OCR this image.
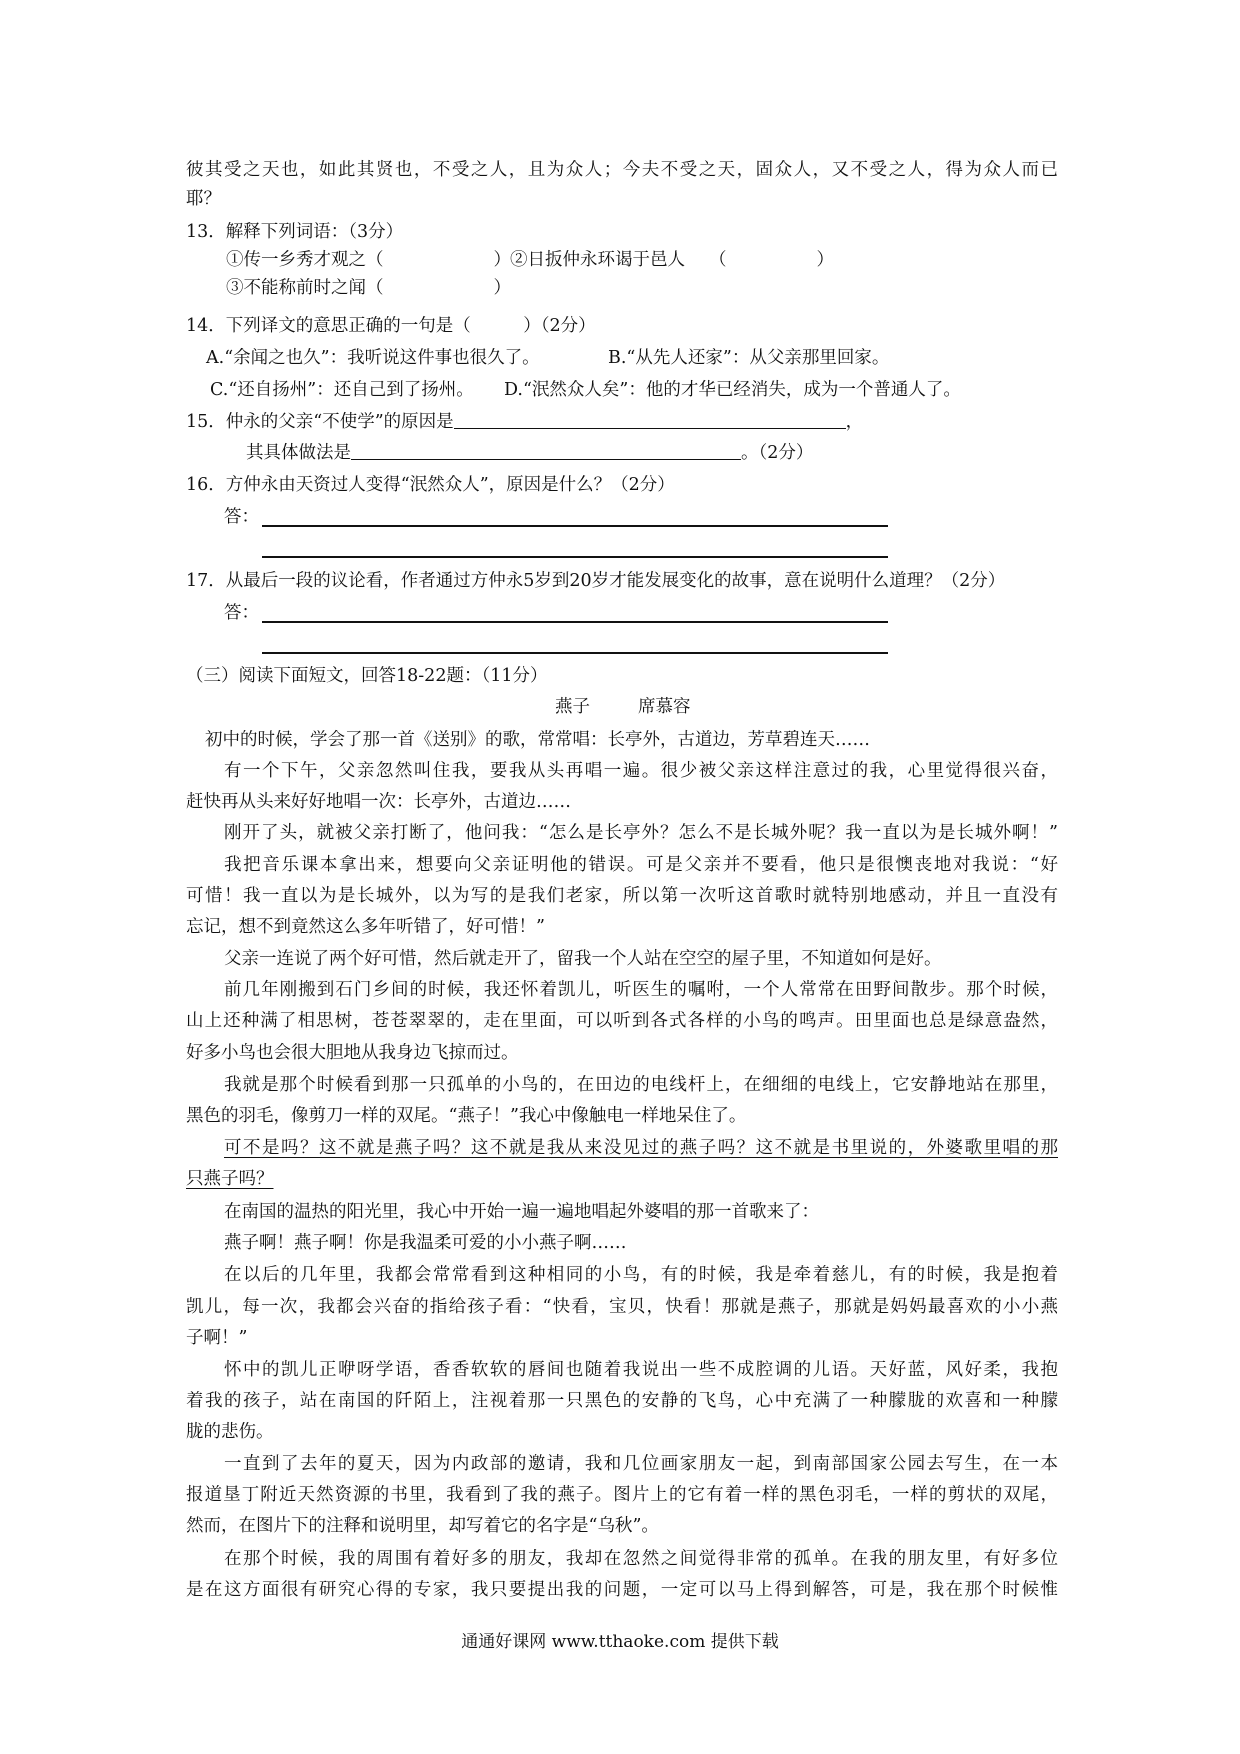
彼其受之天也，如此其贤也，不受之人，且为众人；今夫不受之天，固众人，又不受之人，得为众人而已
耶？
13．解释下列词语：（3分）
①传一乡秀才观之（	） ②日扳仲永环谒于邑人 （	）
③不能称前时之闻（	）
14．下列译文的意思正确的一句是（　　　）（2分）
A.“余闻之也久”：我听说这件事也很久了。	B.“从先人还家”：从父亲那里回家。
C.“还自扬州”：还自己到了扬州。 D.“泯然众人矣”：他的才华已经消失，成为一个普通人了。
15．仲永的父亲“不使学”的原因是	，
其具体做法是	。（2分）
16．方仲永由天资过人变得“泯然众人”，原因是什么？（2分）
答：
17．从最后一段的议论看，作者通过方仲永5岁到20岁才能发展变化的故事，意在说明什么道理？（2分）
答：
（三）阅读下面短文，回答18-22题：（11分）
燕子	席慕容
初中的时候，学会了那一首《送别》的歌，常常唱：长亭外，古道边，芳草碧连天……
有一个下午，父亲忽然叫住我，要我从头再唱一遍。很少被父亲这样注意过的我，心里觉得很兴奋，
赶快再从头来好好地唱一次：长亭外，古道边……
刚开了头，就被父亲打断了，他问我：“怎么是长亭外？怎么不是长城外呢？我一直以为是长城外啊！”
我把音乐课本拿出来，想要向父亲证明他的错误。可是父亲并不要看，他只是很懊丧地对我说：“好
可惜！我一直以为是长城外，以为写的是我们老家，所以第一次听这首歌时就特别地感动，并且一直没有
忘记，想不到竟然这么多年听错了，好可惜！”
父亲一连说了两个好可惜，然后就走开了，留我一个人站在空空的屋子里，不知道如何是好。
前几年刚搬到石门乡间的时候，我还怀着凯儿，听医生的嘱咐，一个人常常在田野间散步。那个时候，
山上还种满了相思树，苍苍翠翠的，走在里面，可以听到各式各样的小鸟的鸣声。田里面也总是绿意盎然，
好多小鸟也会很大胆地从我身边飞掠而过。
我就是那个时候看到那一只孤单的小鸟的，在田边的电线杆上，在细细的电线上，它安静地站在那里，
黑色的羽毛，像剪刀一样的双尾。“燕子！”我心中像触电一样地呆住了。
可不是吗？这不就是燕子吗？这不就是我从来没见过的燕子吗？这不就是书里说的，外婆歌里唱的那
只燕子吗？
在南国的温热的阳光里，我心中开始一遍一遍地唱起外婆唱的那一首歌来了：
燕子啊！燕子啊！你是我温柔可爱的小小燕子啊……
在以后的几年里，我都会常常看到这种相同的小鸟，有的时候，我是牵着慈儿，有的时候，我是抱着
凯儿，每一次，我都会兴奋的指给孩子看：“快看，宝贝，快看！那就是燕子，那就是妈妈最喜欢的小小燕
子啊！”
怀中的凯儿正咿呀学语，香香软软的唇间也随着我说出一些不成腔调的儿语。天好蓝，风好柔，我抱
着我的孩子，站在南国的阡陌上，注视着那一只黑色的安静的飞鸟，心中充满了一种朦胧的欢喜和一种朦
胧的悲伤。
一直到了去年的夏天，因为内政部的邀请，我和几位画家朋友一起，到南部国家公园去写生，在一本
报道垦丁附近天然资源的书里，我看到了我的燕子。图片上的它有着一样的黑色羽毛，一样的剪状的双尾，
然而，在图片下的注释和说明里，却写着它的名字是“乌秋”。
在那个时候，我的周围有着好多的朋友，我却在忽然之间觉得非常的孤单。在我的朋友里，有好多位
是在这方面很有研究心得的专家，我只要提出我的问题，一定可以马上得到解答，可是，我在那个时候惟
通通好课网 www.tthaoke.com 提供下载
